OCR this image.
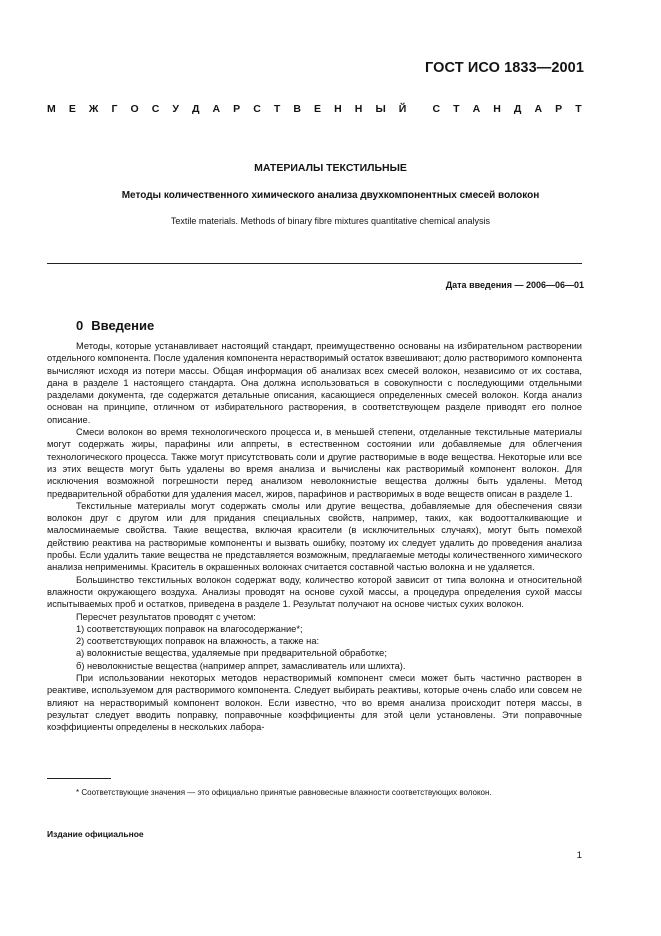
ГОСТ ИСО 1833—2001
М Е Ж Г О С У Д А Р С Т В Е Н Н Ы Й С Т А Н Д А Р Т
МАТЕРИАЛЫ ТЕКСТИЛЬНЫЕ
Методы количественного химического анализа двухкомпонентных смесей волокон
Textile materials. Methods of binary fibre mixtures quantitative chemical analysis
Дата введения — 2006—06—01
0 Введение

Методы, которые устанавливает настоящий стандарт, преимущественно основаны на избирательном растворении отдельного компонента. После удаления компонента нерастворимый остаток взвешивают; долю растворимого компонента вычисляют исходя из потери массы. Общая информация об анализах всех смесей волокон, независимо от их состава, дана в разделе 1 настоящего стандарта. Она должна использоваться в совокупности с последующими отдельными разделами документа, где содержатся детальные описания, касающиеся определенных смесей волокон. Когда анализ основан на принципе, отличном от избирательного растворения, в соответствующем разделе приводят его полное описание.

Смеси волокон во время технологического процесса и, в меньшей степени, отделанные текстильные материалы могут содержать жиры, парафины или аппреты, в естественном состоянии или добавляемые для облегчения технологического процесса. Также могут присутствовать соли и другие растворимые в воде вещества. Некоторые или все из этих веществ могут быть удалены во время анализа и вычислены как растворимый компонент волокон. Для исключения возможной погрешности перед анализом неволокнистые вещества должны быть удалены. Метод предварительной обработки для удаления масел, жиров, парафинов и растворимых в воде веществ описан в разделе 1.

Текстильные материалы могут содержать смолы или другие вещества, добавляемые для обеспечения связи волокон друг с другом или для придания специальных свойств, например, таких, как водоотталкивающие и малосминаемые свойства. Такие вещества, включая красители (в исключительных случаях), могут быть помехой действию реактива на растворимые компоненты и вызвать ошибку, поэтому их следует удалить до проведения анализа пробы. Если удалить такие вещества не представляется возможным, предлагаемые методы количественного химического анализа неприменимы. Краситель в окрашенных волокнах считается составной частью волокна и не удаляется.

Большинство текстильных волокон содержат воду, количество которой зависит от типа волокна и относительной влажности окружающего воздуха. Анализы проводят на основе сухой массы, а процедура определения сухой массы испытываемых проб и остатков, приведена в разделе 1. Результат получают на основе чистых сухих волокон.

Пересчет результатов проводят с учетом:

1) соответствующих поправок на влагосодержание*;

2) соответствующих поправок на влажность, а также на:

а) волокнистые вещества, удаляемые при предварительной обработке;

б) неволокнистые вещества (например аппрет, замасливатель или шлихта).

При использовании некоторых методов нерастворимый компонент смеси может быть частично растворен в реактиве, используемом для растворимого компонента. Следует выбирать реактивы, которые очень слабо или совсем не влияют на нерастворимый компонент волокон. Если известно, что во время анализа происходит потеря массы, в результат следует вводить поправку, поправочные коэффициенты для этой цели установлены. Эти поправочные коэффициенты определены в нескольких лабора-

* Соответствующие значения — это официально принятые равновесные влажности соответствующих волокон.
Издание официальное
1
